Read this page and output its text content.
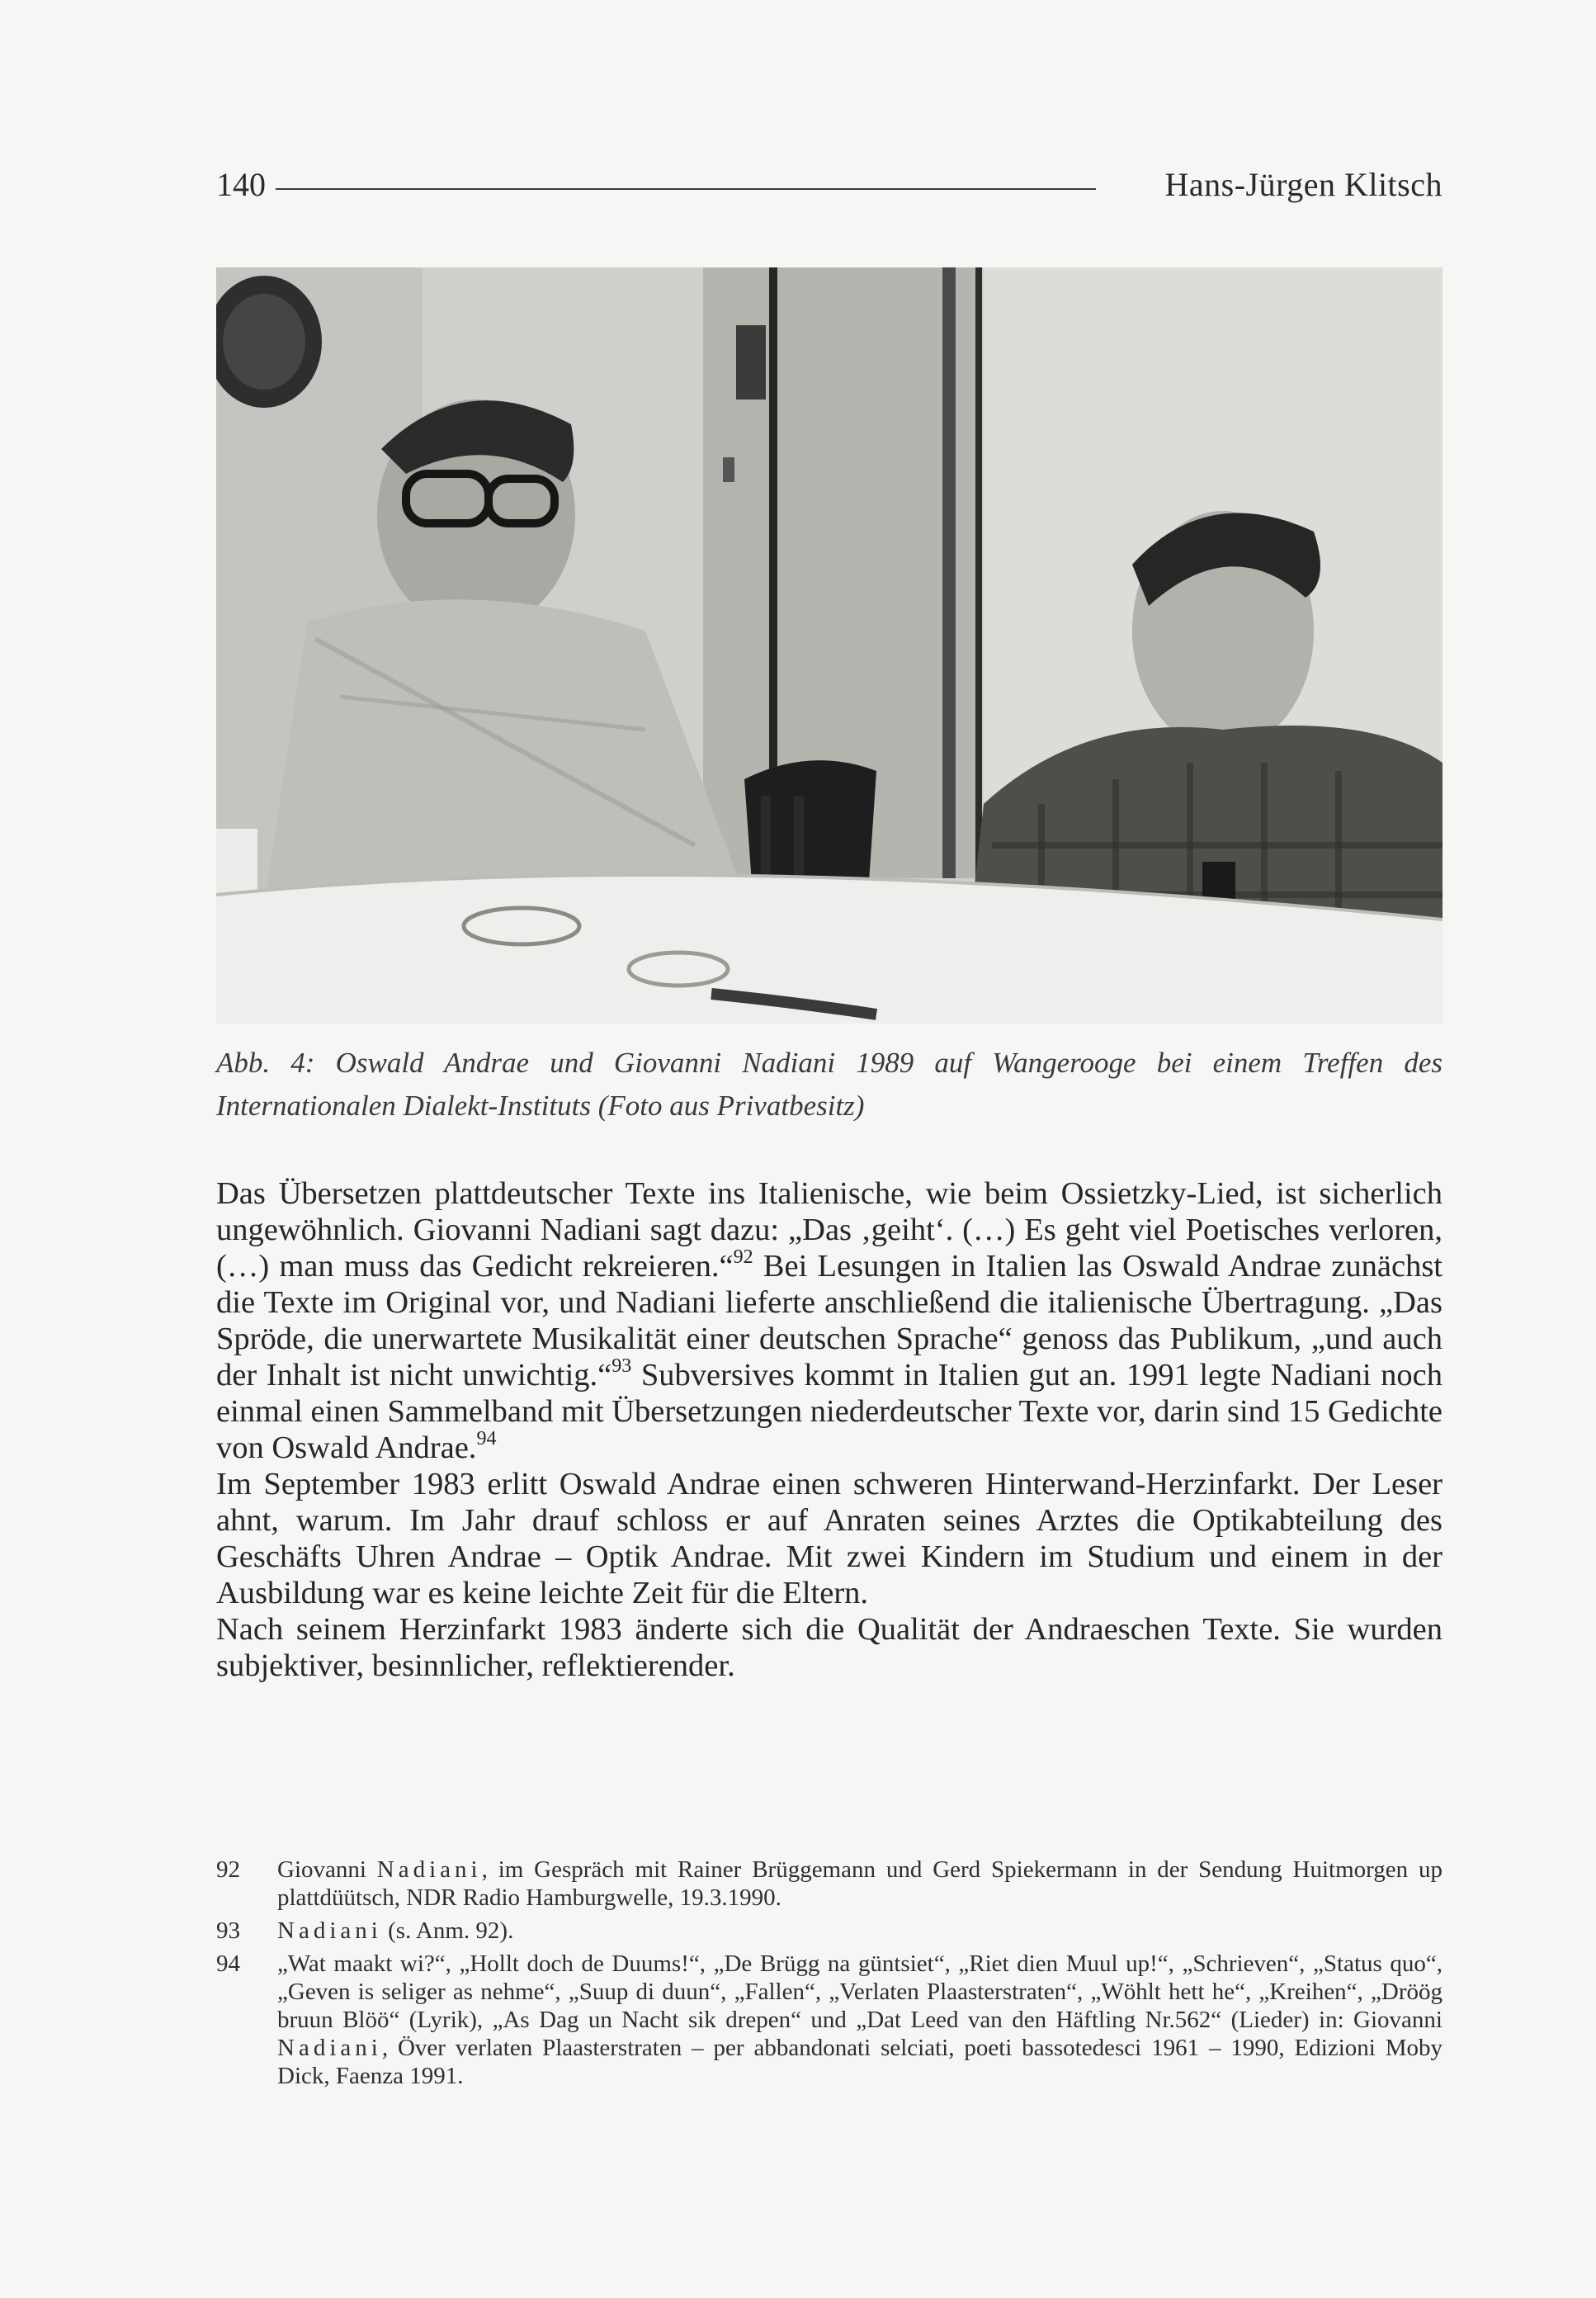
140	Hans-Jürgen Klitsch
Abb. 4: Oswald Andrae und Giovanni Nadiani 1989 auf Wangerooge bei einem Treffen des Internationalen Dialekt-Instituts (Foto aus Privatbesitz)

Das Übersetzen plattdeutscher Texte ins Italienische, wie beim Ossietzky-Lied, ist sicherlich ungewöhnlich. Giovanni Nadiani sagt dazu: „Das ‚geiht‘. (…) Es geht viel Poetisches verloren, (…) man muss das Gedicht rekreieren.“$^{92}$ Bei Lesungen in Italien las Oswald Andrae zunächst die Texte im Original vor, und Nadiani lieferte anschließend die italienische Übertragung. „Das Spröde, die unerwartete Musikalität einer deutschen Sprache“ genoss das Publikum, „und auch der Inhalt ist nicht unwichtig.“$^{93}$ Subversives kommt in Italien gut an. 1991 legte Nadiani noch einmal einen Sammelband mit Übersetzungen niederdeutscher Texte vor, darin sind 15 Gedichte von Oswald Andrae.$^{94}$

Im September 1983 erlitt Oswald Andrae einen schweren Hinterwand-Herzinfarkt. Der Leser ahnt, warum. Im Jahr drauf schloss er auf Anraten seines Arztes die Optikabteilung des Geschäfts Uhren Andrae – Optik Andrae. Mit zwei Kindern im Studium und einem in der Ausbildung war es keine leichte Zeit für die Eltern.

Nach seinem Herzinfarkt 1983 änderte sich die Qualität der Andraeschen Texte. Sie wurden subjektiver, besinnlicher, reflektierender.

92 Giovanni Nadiani, im Gespräch mit Rainer Brüggemann und Gerd Spiekermann in der Sendung Huitmorgen up plattdüütsch, NDR Radio Hamburgwelle, 19.3.1990.
93 Nadiani (s. Anm. 92).
94 „Wat maakt wi?“, „Hollt doch de Duums!“, „De Brügg na güntsiet“, „Riet dien Muul up!“, „Schrieven“, „Status quo“, „Geven is seliger as nehme“, „Suup di duun“, „Fallen“, „Verlaten Plaasterstraten“, „Wöhlt hett he“, „Kreihen“, „Dröög bruun Blöö“ (Lyrik), „As Dag un Nacht sik drepen“ und „Dat Leed van den Häftling Nr.562“ (Lieder) in: Giovanni Nadiani, Över verlaten Plaasterstraten – per abbandonati selciati, poeti bassotedesci 1961 – 1990, Edizioni Moby Dick, Faenza 1991.
